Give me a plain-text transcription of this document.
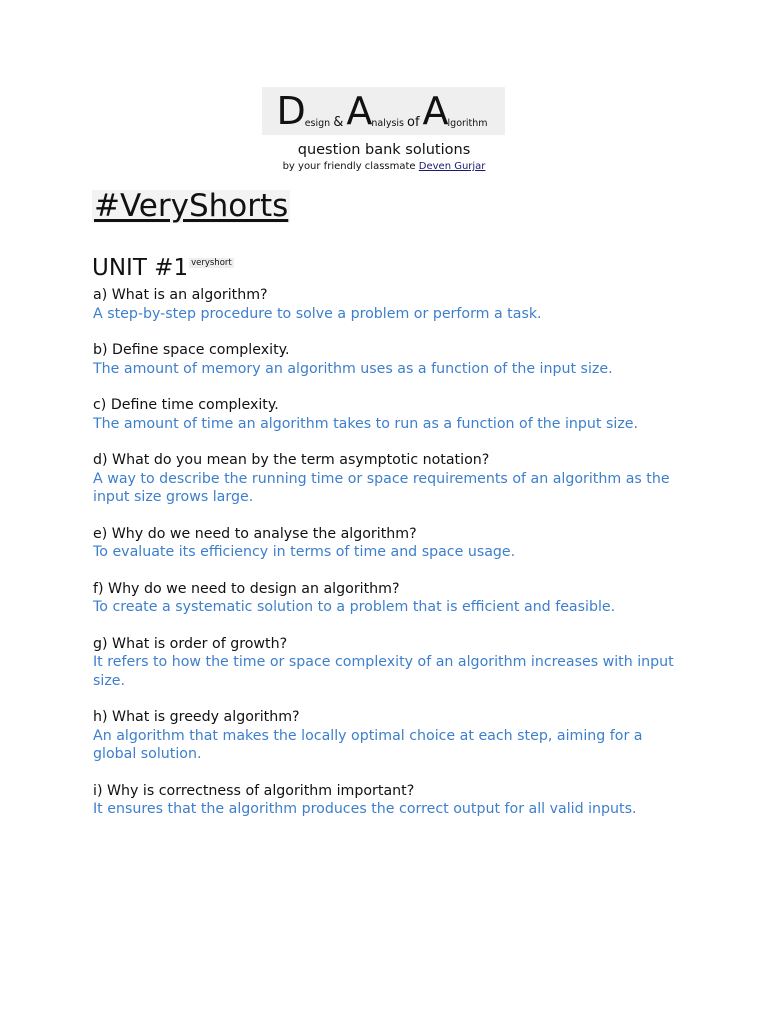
D esign & A nalysis of A lgorithm
question bank solutions
by your friendly classmate Deven Gurjar
#VeryShorts
UNIT #1 $^{veryshort}$
a) What is an algorithm?
A step-by-step procedure to solve a problem or perform a task.
b) Define space complexity.
The amount of memory an algorithm uses as a function of the input size.
c) Define time complexity.
The amount of time an algorithm takes to run as a function of the input size.
d) What do you mean by the term asymptotic notation?
A way to describe the running time or space requirements of an algorithm as the input size grows large.
e) Why do we need to analyse the algorithm?
To evaluate its efficiency in terms of time and space usage.
f) Why do we need to design an algorithm?
To create a systematic solution to a problem that is efficient and feasible.
g) What is order of growth?
It refers to how the time or space complexity of an algorithm increases with input size.
h) What is greedy algorithm?
An algorithm that makes the locally optimal choice at each step, aiming for a global solution.
i) Why is correctness of algorithm important?
It ensures that the algorithm produces the correct output for all valid inputs.
